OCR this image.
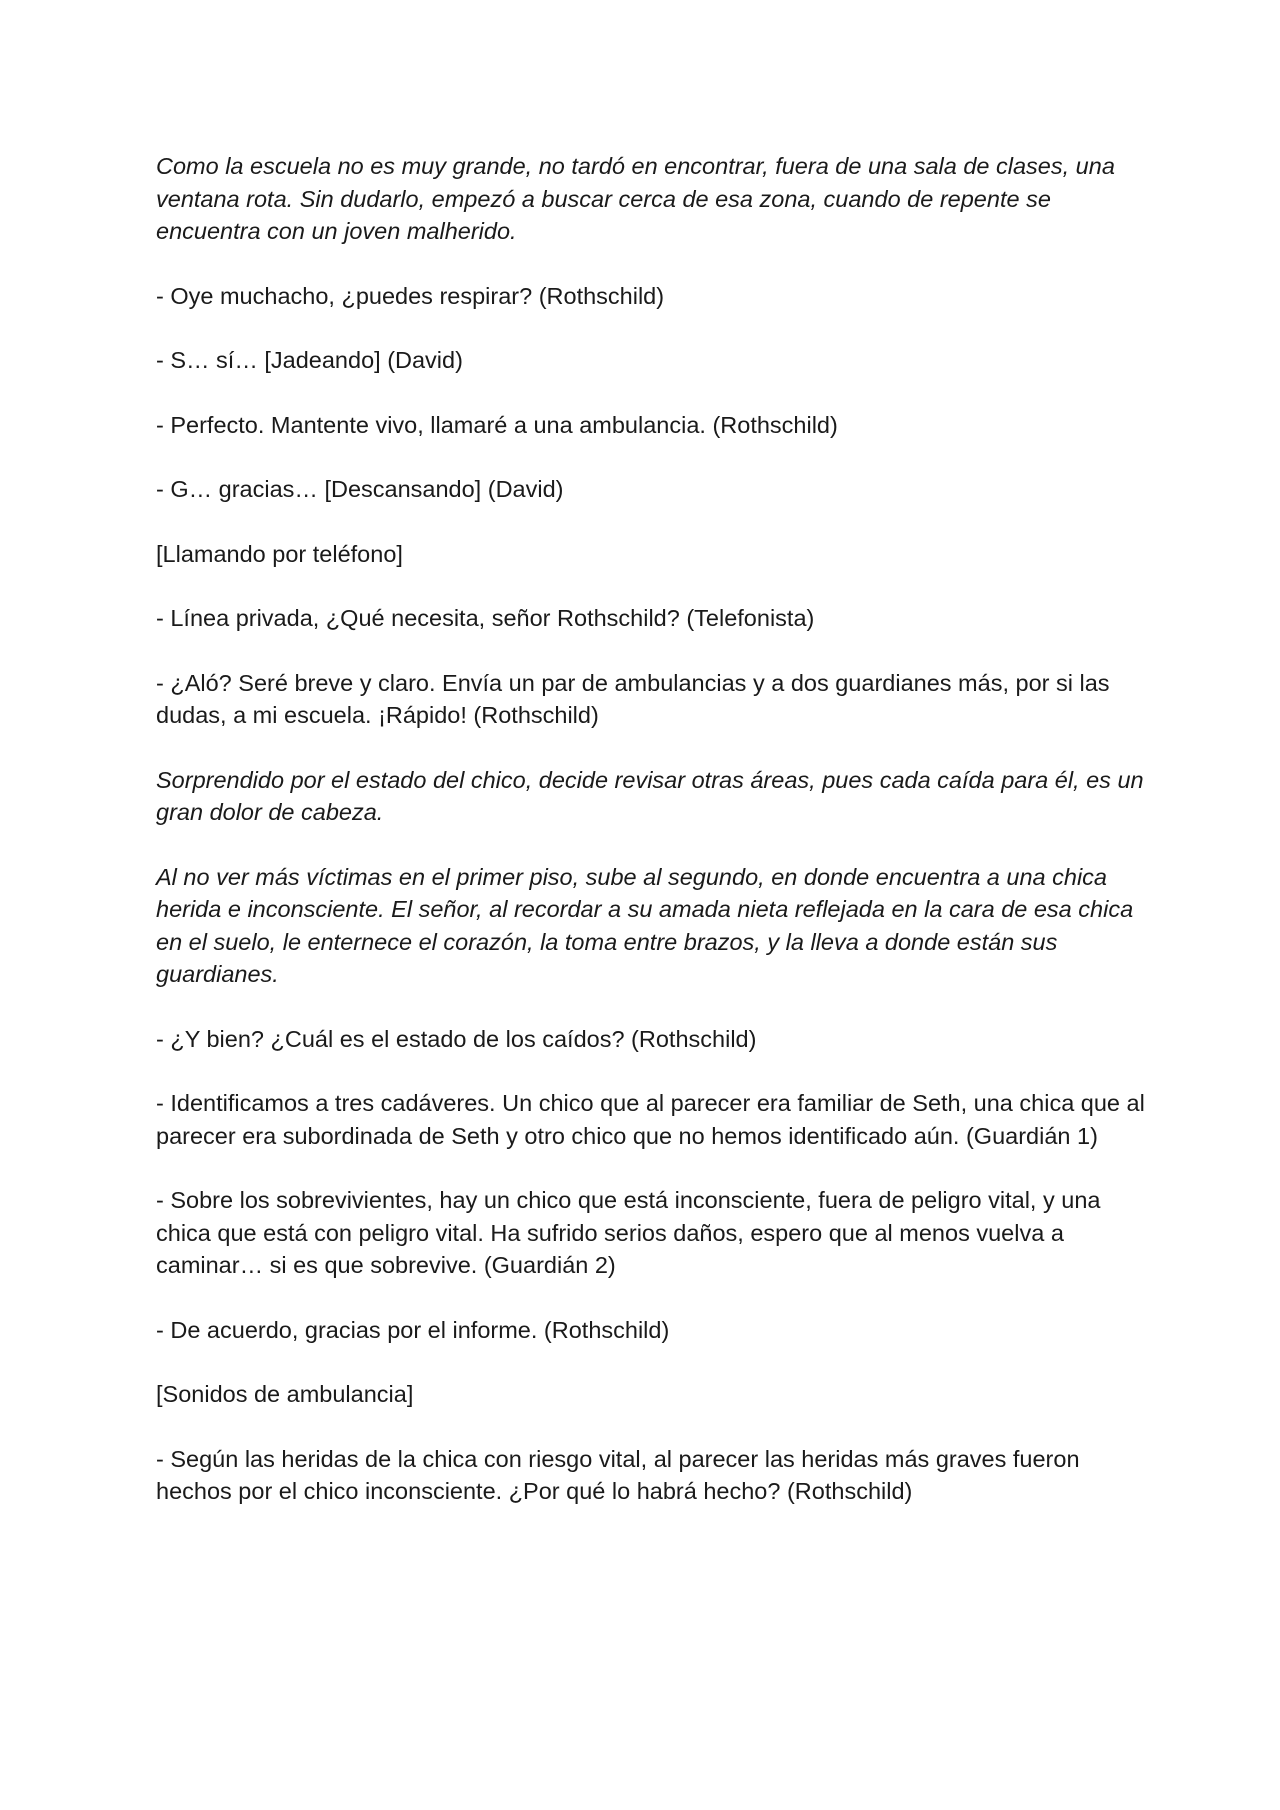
Como la escuela no es muy grande, no tardó en encontrar, fuera de una sala de clases, una ventana rota. Sin dudarlo, empezó a buscar cerca de esa zona, cuando de repente se encuentra con un joven malherido.

- Oye muchacho, ¿puedes respirar? (Rothschild)

- S… sí… [Jadeando] (David)

- Perfecto. Mantente vivo, llamaré a una ambulancia. (Rothschild)

- G… gracias… [Descansando] (David)

[Llamando por teléfono]

- Línea privada, ¿Qué necesita, señor Rothschild? (Telefonista)

- ¿Aló? Seré breve y claro. Envía un par de ambulancias y a dos guardianes más, por si las dudas, a mi escuela. ¡Rápido! (Rothschild)

Sorprendido por el estado del chico, decide revisar otras áreas, pues cada caída para él, es un gran dolor de cabeza.

Al no ver más víctimas en el primer piso, sube al segundo, en donde encuentra a una chica herida e inconsciente. El señor, al recordar a su amada nieta reflejada en la cara de esa chica en el suelo, le enternece el corazón, la toma entre brazos, y la lleva a donde están sus guardianes.

- ¿Y bien? ¿Cuál es el estado de los caídos? (Rothschild)

- Identificamos a tres cadáveres. Un chico que al parecer era familiar de Seth, una chica que al parecer era subordinada de Seth y otro chico que no hemos identificado aún. (Guardián 1)

- Sobre los sobrevivientes, hay un chico que está inconsciente, fuera de peligro vital, y una chica que está con peligro vital. Ha sufrido serios daños, espero que al menos vuelva a caminar… si es que sobrevive. (Guardián 2)

- De acuerdo, gracias por el informe. (Rothschild)

[Sonidos de ambulancia]

- Según las heridas de la chica con riesgo vital, al parecer las heridas más graves fueron hechos por el chico inconsciente. ¿Por qué lo habrá hecho? (Rothschild)
